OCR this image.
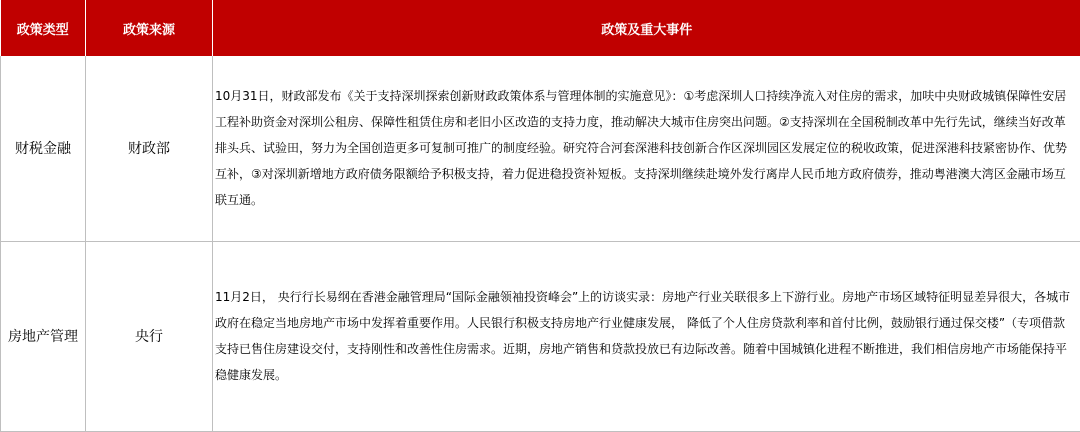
政策类型	政策来源	政策及重大事件
财税金融	财政部	10月31日，财政部发布《关于支持深圳探索创新财政政策体系与管理体制的实施意见》：①考虑深圳人口持续净流入对住房的需求，加呋中央财政城镇保障性安居工程补助资金对深圳公租房、保障性租赁住房和老旧小区改造的支持力度，推动解决大城市住房突出问题。②支持深圳在全国税制改革中先行先试，继续当好改革排头兵、试验田，努力为全国创造更多可复制可推广的制度经验。研究符合河套深港科技创新合作区深圳园区发展定位的税收政策，促进深港科技紧密协作、优势互补，③对深圳新增地方政府债务限额给予积极支持，着力促进稳投资补短板。支持深圳继续赴境外发行离岸人民币地方政府债券，推动粤港澳大湾区金融市场互联互通。
房地产管理	央行	11月2日， 央行行长易纲在香港金融管理局“国际金融领袖投资峰会”上的访谈实录：房地产行业关联很多上下游行业。房地产市场区域特征明显差异很大，各城市政府在稳定当地房地产市场中发挥着重要作用。人民银行积极支持房地产行业健康发展， 降低了个人住房贷款利率和首付比例，鼓励银行通过保交楼”（专项借款支持已售住房建设交付，支持刚性和改善性住房需求。近期，房地产销售和贷款投放已有边际改善。随着中国城镇化进程不断推进，我们相信房地产市场能保持平稳健康发展。
